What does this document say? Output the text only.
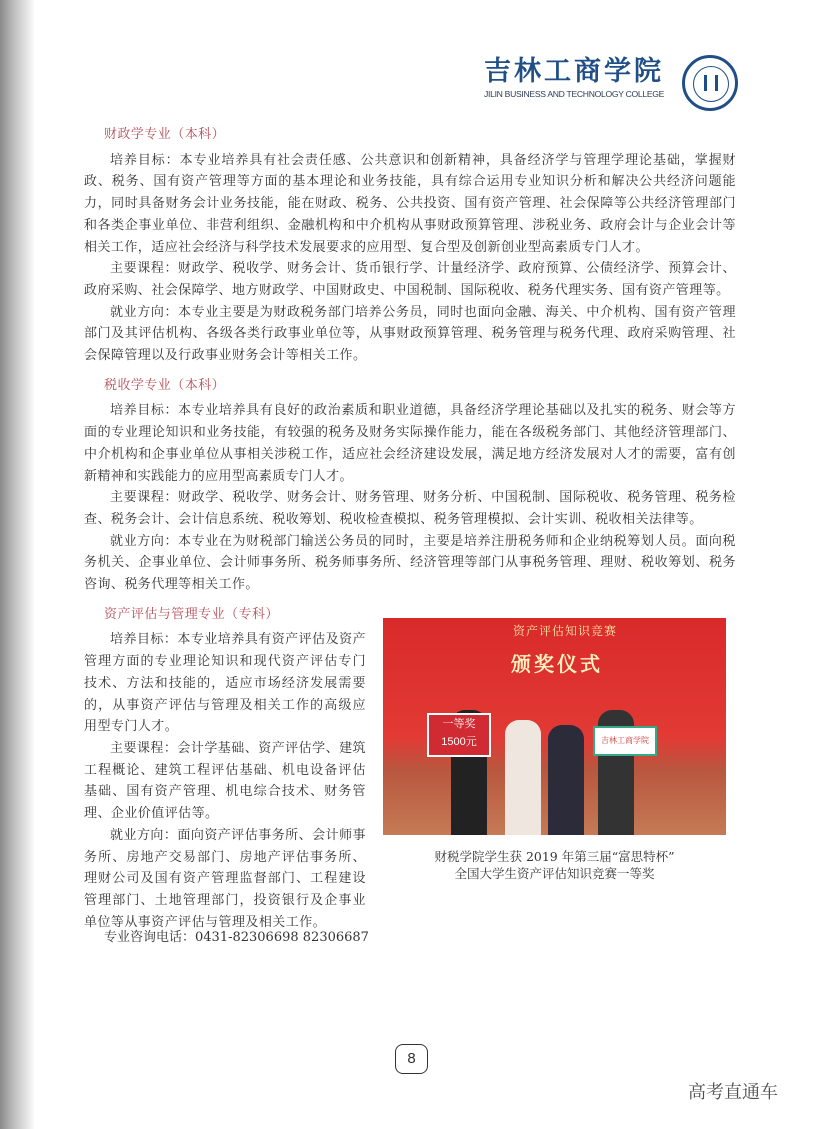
吉林工商学院
JILIN BUSINESS AND TECHNOLOGY COLLEGE
财政学专业（本科）

培养目标：本专业培养具有社会责任感、公共意识和创新精神，具备经济学与管理学理论基础，掌握财政、税务、国有资产管理等方面的基本理论和业务技能，具有综合运用专业知识分析和解决公共经济问题能力，同时具备财务会计业务技能，能在财政、税务、公共投资、国有资产管理、社会保障等公共经济管理部门和各类企事业单位、非营利组织、金融机构和中介机构从事财政预算管理、涉税业务、政府会计与企业会计等相关工作，适应社会经济与科学技术发展要求的应用型、复合型及创新创业型高素质专门人才。

主要课程：财政学、税收学、财务会计、货币银行学、计量经济学、政府预算、公债经济学、预算会计、政府采购、社会保障学、地方财政学、中国财政史、中国税制、国际税收、税务代理实务、国有资产管理等。

就业方向：本专业主要是为财政税务部门培养公务员，同时也面向金融、海关、中介机构、国有资产管理部门及其评估机构、各级各类行政事业单位等，从事财政预算管理、税务管理与税务代理、政府采购管理、社会保障管理以及行政事业财务会计等相关工作。

税收学专业（本科）

培养目标：本专业培养具有良好的政治素质和职业道德，具备经济学理论基础以及扎实的税务、财会等方面的专业理论知识和业务技能，有较强的税务及财务实际操作能力，能在各级税务部门、其他经济管理部门、中介机构和企事业单位从事相关涉税工作，适应社会经济建设发展，满足地方经济发展对人才的需要，富有创新精神和实践能力的应用型高素质专门人才。

主要课程：财政学、税收学、财务会计、财务管理、财务分析、中国税制、国际税收、税务管理、税务检查、税务会计、会计信息系统、税收筹划、税收检查模拟、税务管理模拟、会计实训、税收相关法律等。

就业方向：本专业在为财税部门输送公务员的同时，主要是培养注册税务师和企业纳税筹划人员。面向税务机关、企事业单位、会计师事务所、税务师事务所、经济管理等部门从事税务管理、理财、税收筹划、税务咨询、税务代理等相关工作。

资产评估与管理专业（专科）

培养目标：本专业培养具有资产评估及资产管理方面的专业理论知识和现代资产评估专门技术、方法和技能的，适应市场经济发展需要的，从事资产评估与管理及相关工作的高级应用型专门人才。

主要课程：会计学基础、资产评估学、建筑工程概论、建筑工程评估基础、机电设备评估基础、国有资产管理、机电综合技术、财务管理、企业价值评估等。

就业方向：面向资产评估事务所、会计师事务所、房地产交易部门、房地产评估事务所、理财公司及国有资产管理监督部门、工程建设管理部门、土地管理部门，投资银行及企事业单位等从事资产评估与管理及相关工作。

资产评估知识竞赛
颁奖仪式
一等奖
1500元	吉林工商学院
财税学院学生获 2019 年第三届“富思特杯”
全国大学生资产评估知识竞赛一等奖
专业咨询电话：0431-82306698 82306687
8
高考直通车
